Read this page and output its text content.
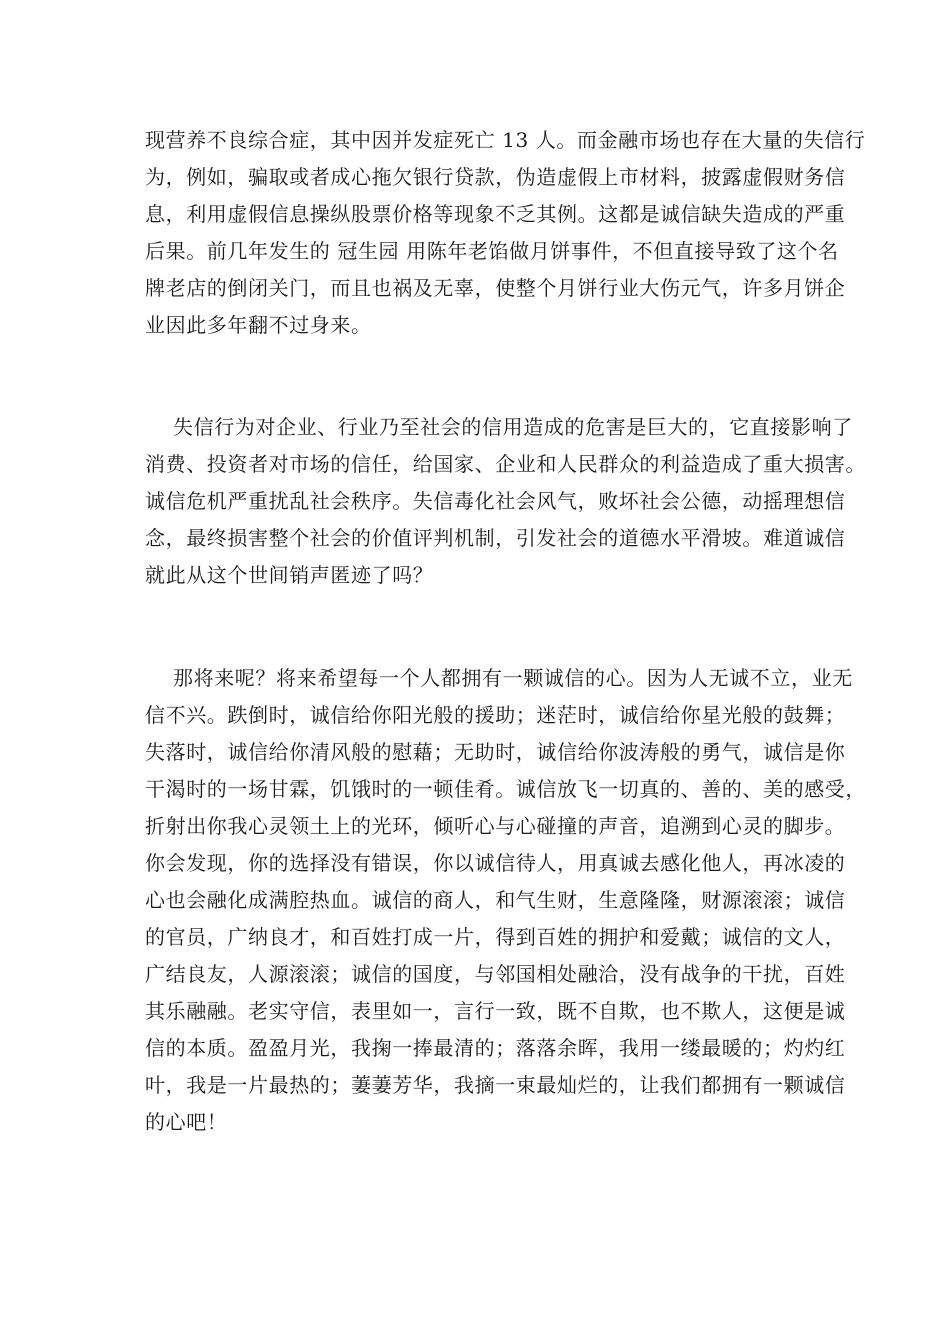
现营养不良综合症，其中因并发症死亡 13 人。而金融市场也存在大量的失信行
为，例如，骗取或者成心拖欠银行贷款，伪造虚假上市材料，披露虚假财务信
息，利用虚假信息操纵股票价格等现象不乏其例。这都是诚信缺失造成的严重
后果。前几年发生的 冠生园 用陈年老馅做月饼事件，不但直接导致了这个名
牌老店的倒闭关门，而且也祸及无辜，使整个月饼行业大伤元气，许多月饼企
业因此多年翻不过身来。
失信行为对企业、行业乃至社会的信用造成的危害是巨大的，它直接影响了
消费、投资者对市场的信任，给国家、企业和人民群众的利益造成了重大损害。
诚信危机严重扰乱社会秩序。失信毒化社会风气，败坏社会公德，动摇理想信
念，最终损害整个社会的价值评判机制，引发社会的道德水平滑坡。难道诚信
就此从这个世间销声匿迹了吗？
那将来呢？将来希望每一个人都拥有一颗诚信的心。因为人无诚不立，业无
信不兴。跌倒时，诚信给你阳光般的援助；迷茫时，诚信给你星光般的鼓舞；
失落时，诚信给你清风般的慰藉；无助时，诚信给你波涛般的勇气，诚信是你
干渴时的一场甘霖，饥饿时的一顿佳肴。诚信放飞一切真的、善的、美的感受，
折射出你我心灵领土上的光环，倾听心与心碰撞的声音，追溯到心灵的脚步。
你会发现，你的选择没有错误，你以诚信待人，用真诚去感化他人，再冰凌的
心也会融化成满腔热血。诚信的商人，和气生财，生意隆隆，财源滚滚；诚信
的官员，广纳良才，和百姓打成一片，得到百姓的拥护和爱戴；诚信的文人，
广结良友，人源滚滚；诚信的国度，与邻国相处融洽，没有战争的干扰，百姓
其乐融融。老实守信，表里如一，言行一致，既不自欺，也不欺人，这便是诚
信的本质。盈盈月光，我掬一捧最清的；落落余晖，我用一缕最暖的；灼灼红
叶，我是一片最热的；萋萋芳华，我摘一束最灿烂的，让我们都拥有一颗诚信
的心吧！
